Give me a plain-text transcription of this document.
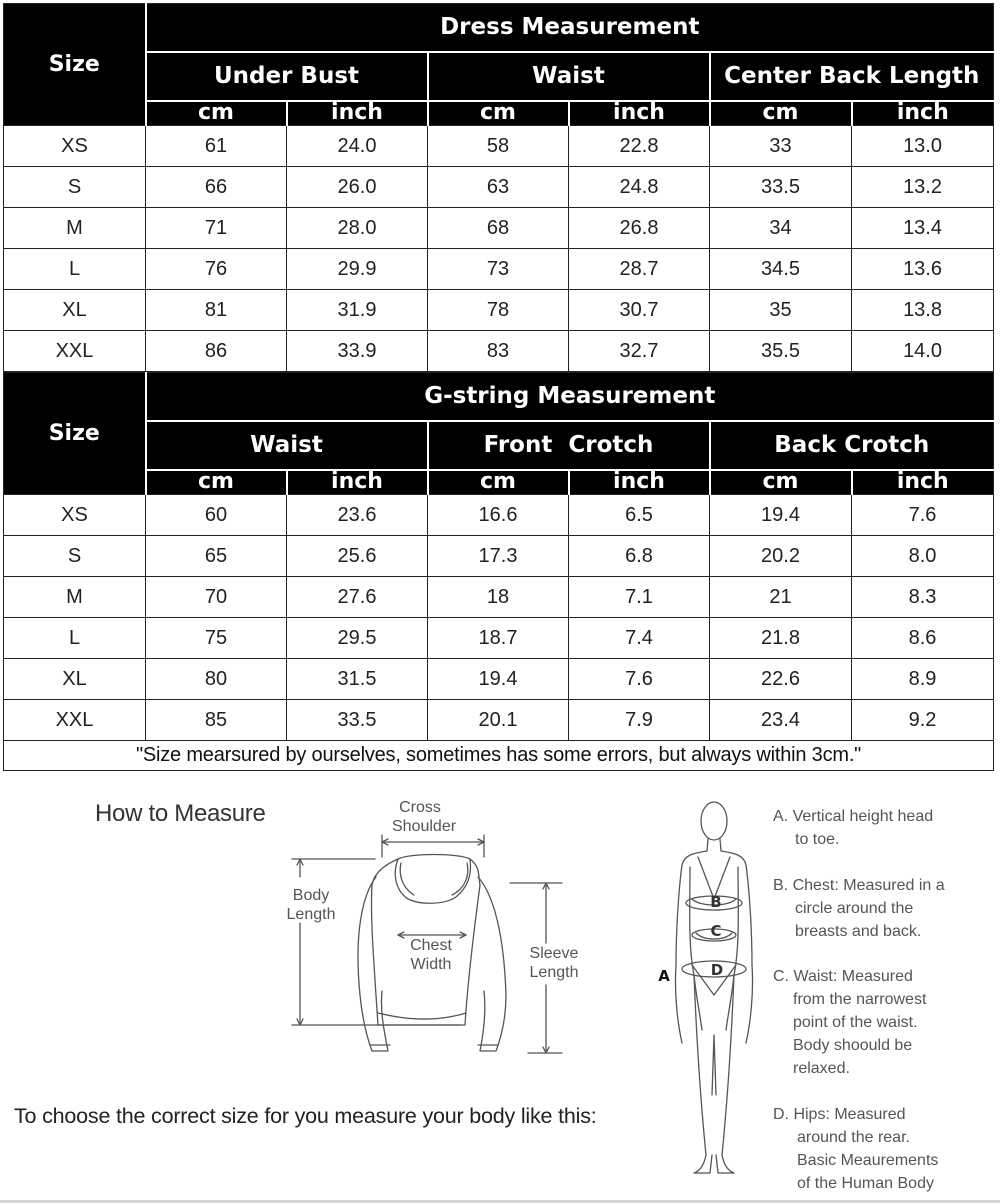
Size	Dress Measurement					
	Under Bust		Waist		Center Back Length	
	cm	inch	cm	inch	cm	inch
XS	61	24.0	58	22.8	33	13.0
S	66	26.0	63	24.8	33.5	13.2
M	71	28.0	68	26.8	34	13.4
L	76	29.9	73	28.7	34.5	13.6
XL	81	31.9	78	30.7	35	13.8
XXL	86	33.9	83	32.7	35.5	14.0
Size	G-string Measurement					
	Waist		Front  Crotch		Back Crotch	
	cm	inch	cm	inch	cm	inch
XS	60	23.6	16.6	6.5	19.4	7.6
S	65	25.6	17.3	6.8	20.2	8.0
M	70	27.6	18	7.1	21	8.3
L	75	29.5	18.7	7.4	21.8	8.6
XL	80	31.5	19.4	7.6	22.6	8.9
XXL	85	33.5	20.1	7.9	23.4	9.2
"Size mearsured by ourselves, sometimes has some errors, but always within 3cm."						
How to Measure	Cross
Shoulder
Body
Length
Chest
Width
Sleeve
Length
B
C
D
A
A. Vertical height head
to toe.
B. Chest: Measured in a
circle around the
breasts and back.
C. Waist: Measured
from the narrowest
point of the waist.
Body shoould be
relaxed.
D. Hips: Measured
around the rear.
Basic Meaurements
of the Human Body
To choose the correct size for you measure your body like this:
